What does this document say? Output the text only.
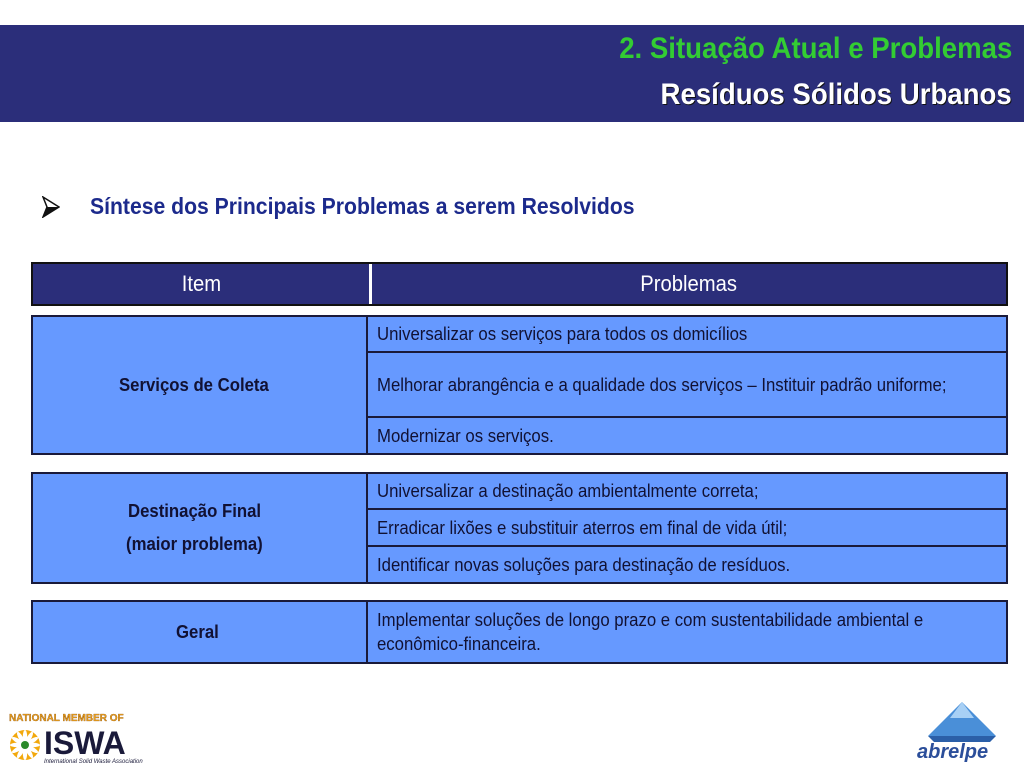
2. Situação Atual e Problemas
Resíduos Sólidos Urbanos
Síntese dos Principais Problemas a serem Resolvidos
Item	Problemas
Serviços de Coleta
Universalizar os serviços para todos os domicílios
Melhorar abrangência e a qualidade dos serviços – Instituir padrão uniforme;
Modernizar os serviços.
Destinação Final
(maior problema)
Universalizar a destinação ambientalmente correta;
Erradicar lixões e substituir aterros em final de vida útil;
Identificar novas soluções para destinação de resíduos.
Geral
Implementar soluções de longo prazo e com sustentabilidade ambiental e econômico-financeira.
NATIONAL MEMBER OF
ISWA
International Solid Waste Association	abrelpe
